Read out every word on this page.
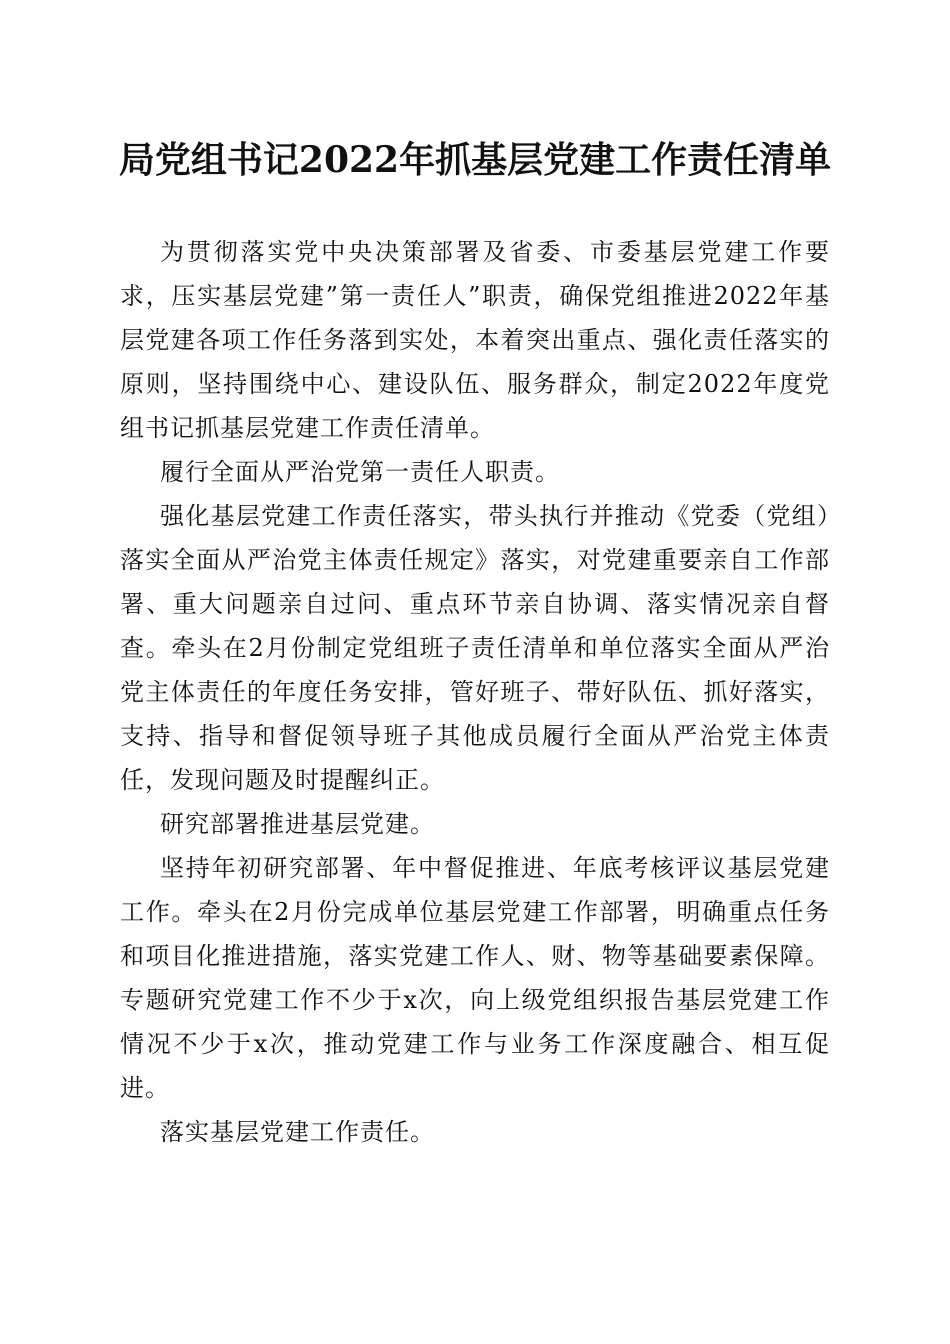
局党组书记2022年抓基层党建工作责任清单

为贯彻落实党中央决策部署及省委、市委基层党建工作要求，压实基层党建”第一责任人”职责，确保党组推进2022年基层党建各项工作任务落到实处，本着突出重点、强化责任落实的原则，坚持围绕中心、建设队伍、服务群众，制定2022年度党组书记抓基层党建工作责任清单。

履行全面从严治党第一责任人职责。

强化基层党建工作责任落实，带头执行并推动《党委（党组）落实全面从严治党主体责任规定》落实，对党建重要亲自工作部署、重大问题亲自过问、重点环节亲自协调、落实情况亲自督查。牵头在2月份制定党组班子责任清单和单位落实全面从严治党主体责任的年度任务安排，管好班子、带好队伍、抓好落实，支持、指导和督促领导班子其他成员履行全面从严治党主体责任，发现问题及时提醒纠正。

研究部署推进基层党建。

坚持年初研究部署、年中督促推进、年底考核评议基层党建工作。牵头在2月份完成单位基层党建工作部署，明确重点任务和项目化推进措施，落实党建工作人、财、物等基础要素保障。专题研究党建工作不少于x次，向上级党组织报告基层党建工作情况不少于x次，推动党建工作与业务工作深度融合、相互促进。

落实基层党建工作责任。
